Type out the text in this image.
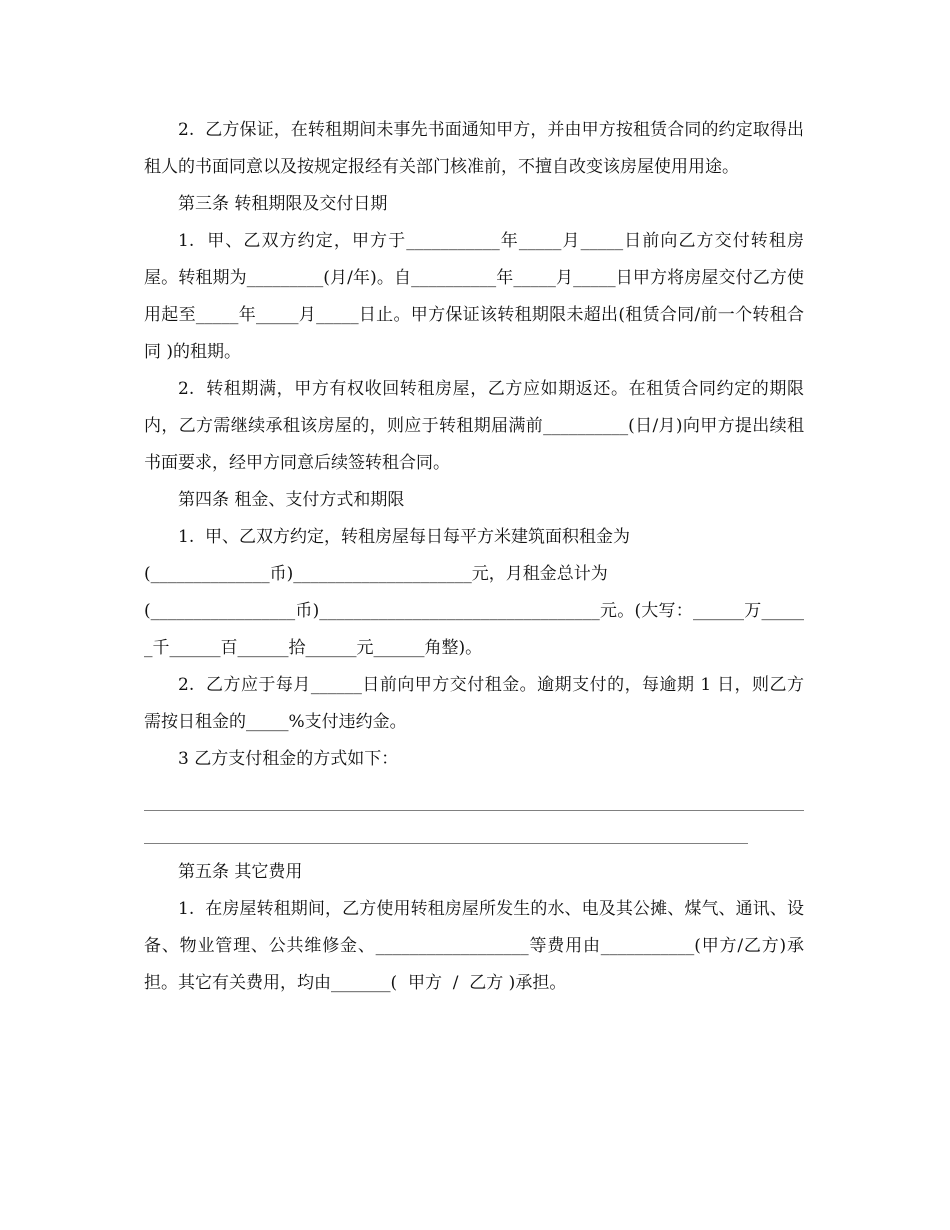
2.  乙方保证，在转租期间未事先书面通知甲方，并由甲方按租赁合同的约定取得出租人的书面同意以及按规定报经有关部门核准前，不擅自改变该房屋使用用途。

第三条 转租期限及交付日期

1.  甲、乙双方约定，甲方于___________年_____月_____日前向乙方交付转租房屋。转租期为_________(月/年)。自__________年_____月_____日甲方将房屋交付乙方使用起至_____年_____月_____日止。甲方保证该转租期限未超出(租赁合同/前一个转租合同 )的租期。

2.  转租期满，甲方有权收回转租房屋，乙方应如期返还。在租赁合同约定的期限内，乙方需继续承租该房屋的，则应于转租期届满前__________(日/月)向甲方提出续租书面要求，经甲方同意后续签转租合同。

第四条 租金、支付方式和期限

1.  甲、乙双方约定，转租房屋每日每平方米建筑面积租金为

(______________币)_____________________元，月租金总计为

(_________________币)_________________________________元。(大写：______万______千______百______拾______元______角整)。

2.  乙方应于每月______日前向甲方交付租金。逾期支付的，每逾期 1 日，则乙方需按日租金的_____%支付违约金。

3 乙方支付租金的方式如下：

第五条 其它费用

1.  在房屋转租期间，乙方使用转租房屋所发生的水、电及其公摊、煤气、通讯、设备、物业管理、公共维修金、__________________等费用由___________(甲方/乙方)承担。其它有关费用，均由_______(  甲方  /  乙方 )承担。
